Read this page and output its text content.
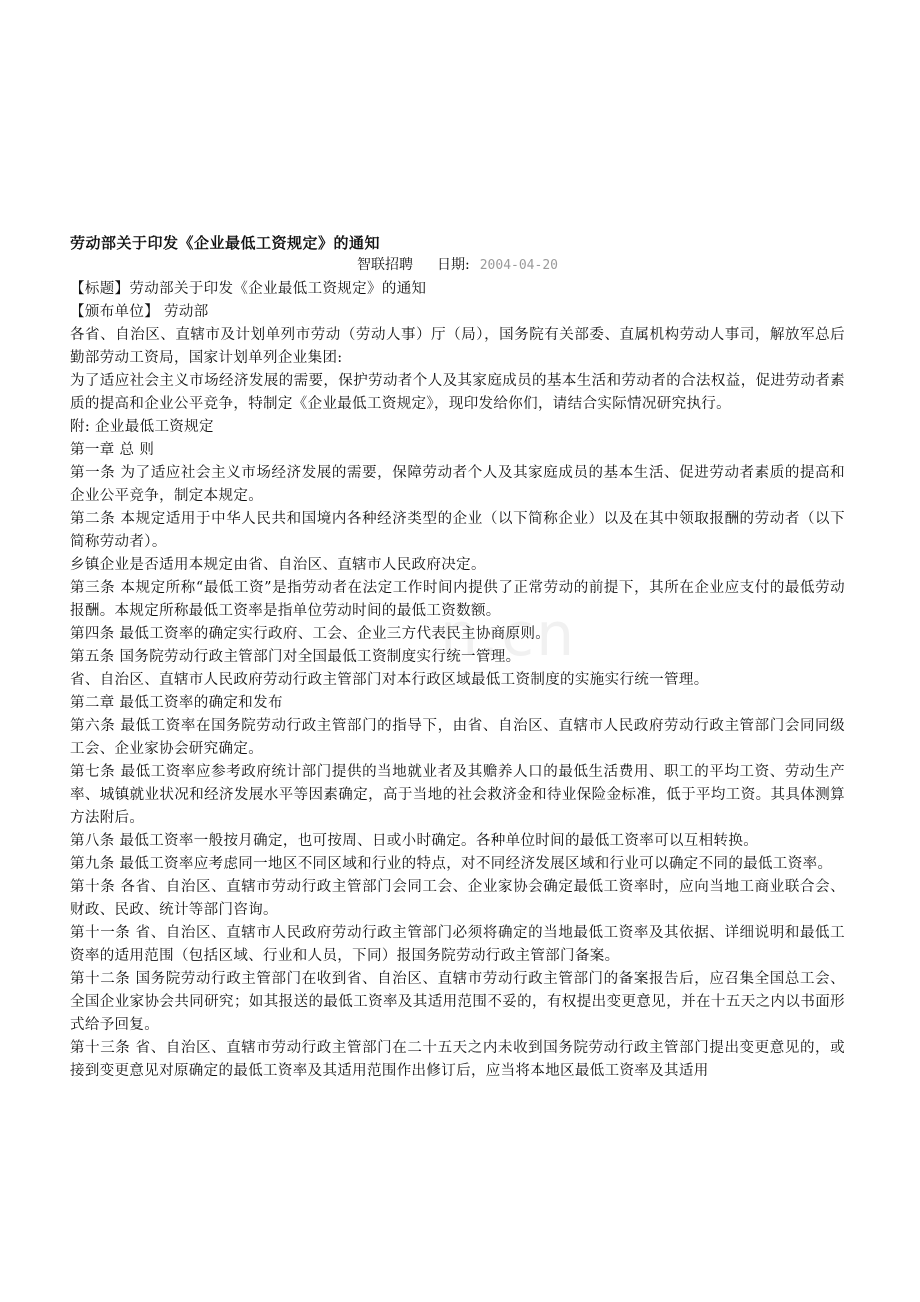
n.cn
劳动部关于印发《企业最低工资规定》的通知
智联招聘 日期: 2004-04-20

【标题】劳动部关于印发《企业最低工资规定》的通知

【颁布单位】 劳动部

各省、自治区、直辖市及计划单列市劳动（劳动人事）厅（局），国务院有关部委、直属机构劳动人事司，解放军总后勤部劳动工资局，国家计划单列企业集团:

为了适应社会主义市场经济发展的需要，保护劳动者个人及其家庭成员的基本生活和劳动者的合法权益，促进劳动者素质的提高和企业公平竞争，特制定《企业最低工资规定》，现印发给你们，请结合实际情况研究执行。

附: 企业最低工资规定

第一章 总 则

第一条 为了适应社会主义市场经济发展的需要，保障劳动者个人及其家庭成员的基本生活、促进劳动者素质的提高和企业公平竞争，制定本规定。

第二条 本规定适用于中华人民共和国境内各种经济类型的企业（以下简称企业）以及在其中领取报酬的劳动者（以下简称劳动者）。

乡镇企业是否适用本规定由省、自治区、直辖市人民政府决定。

第三条 本规定所称“最低工资”是指劳动者在法定工作时间内提供了正常劳动的前提下，其所在企业应支付的最低劳动报酬。本规定所称最低工资率是指单位劳动时间的最低工资数额。

第四条 最低工资率的确定实行政府、工会、企业三方代表民主协商原则。

第五条 国务院劳动行政主管部门对全国最低工资制度实行统一管理。

省、自治区、直辖市人民政府劳动行政主管部门对本行政区域最低工资制度的实施实行统一管理。

第二章 最低工资率的确定和发布

第六条 最低工资率在国务院劳动行政主管部门的指导下，由省、自治区、直辖市人民政府劳动行政主管部门会同同级工会、企业家协会研究确定。

第七条 最低工资率应参考政府统计部门提供的当地就业者及其赡养人口的最低生活费用、职工的平均工资、劳动生产率、城镇就业状况和经济发展水平等因素确定，高于当地的社会救济金和待业保险金标准，低于平均工资。其具体测算方法附后。

第八条 最低工资率一般按月确定，也可按周、日或小时确定。各种单位时间的最低工资率可以互相转换。

第九条 最低工资率应考虑同一地区不同区域和行业的特点，对不同经济发展区域和行业可以确定不同的最低工资率。

第十条 各省、自治区、直辖市劳动行政主管部门会同工会、企业家协会确定最低工资率时，应向当地工商业联合会、财政、民政、统计等部门咨询。

第十一条 省、自治区、直辖市人民政府劳动行政主管部门必须将确定的当地最低工资率及其依据、详细说明和最低工资率的适用范围（包括区域、行业和人员，下同）报国务院劳动行政主管部门备案。

第十二条 国务院劳动行政主管部门在收到省、自治区、直辖市劳动行政主管部门的备案报告后，应召集全国总工会、全国企业家协会共同研究；如其报送的最低工资率及其适用范围不妥的，有权提出变更意见，并在十五天之内以书面形式给予回复。

第十三条 省、自治区、直辖市劳动行政主管部门在二十五天之内未收到国务院劳动行政主管部门提出变更意见的，或接到变更意见对原确定的最低工资率及其适用范围作出修订后，应当将本地区最低工资率及其适用
